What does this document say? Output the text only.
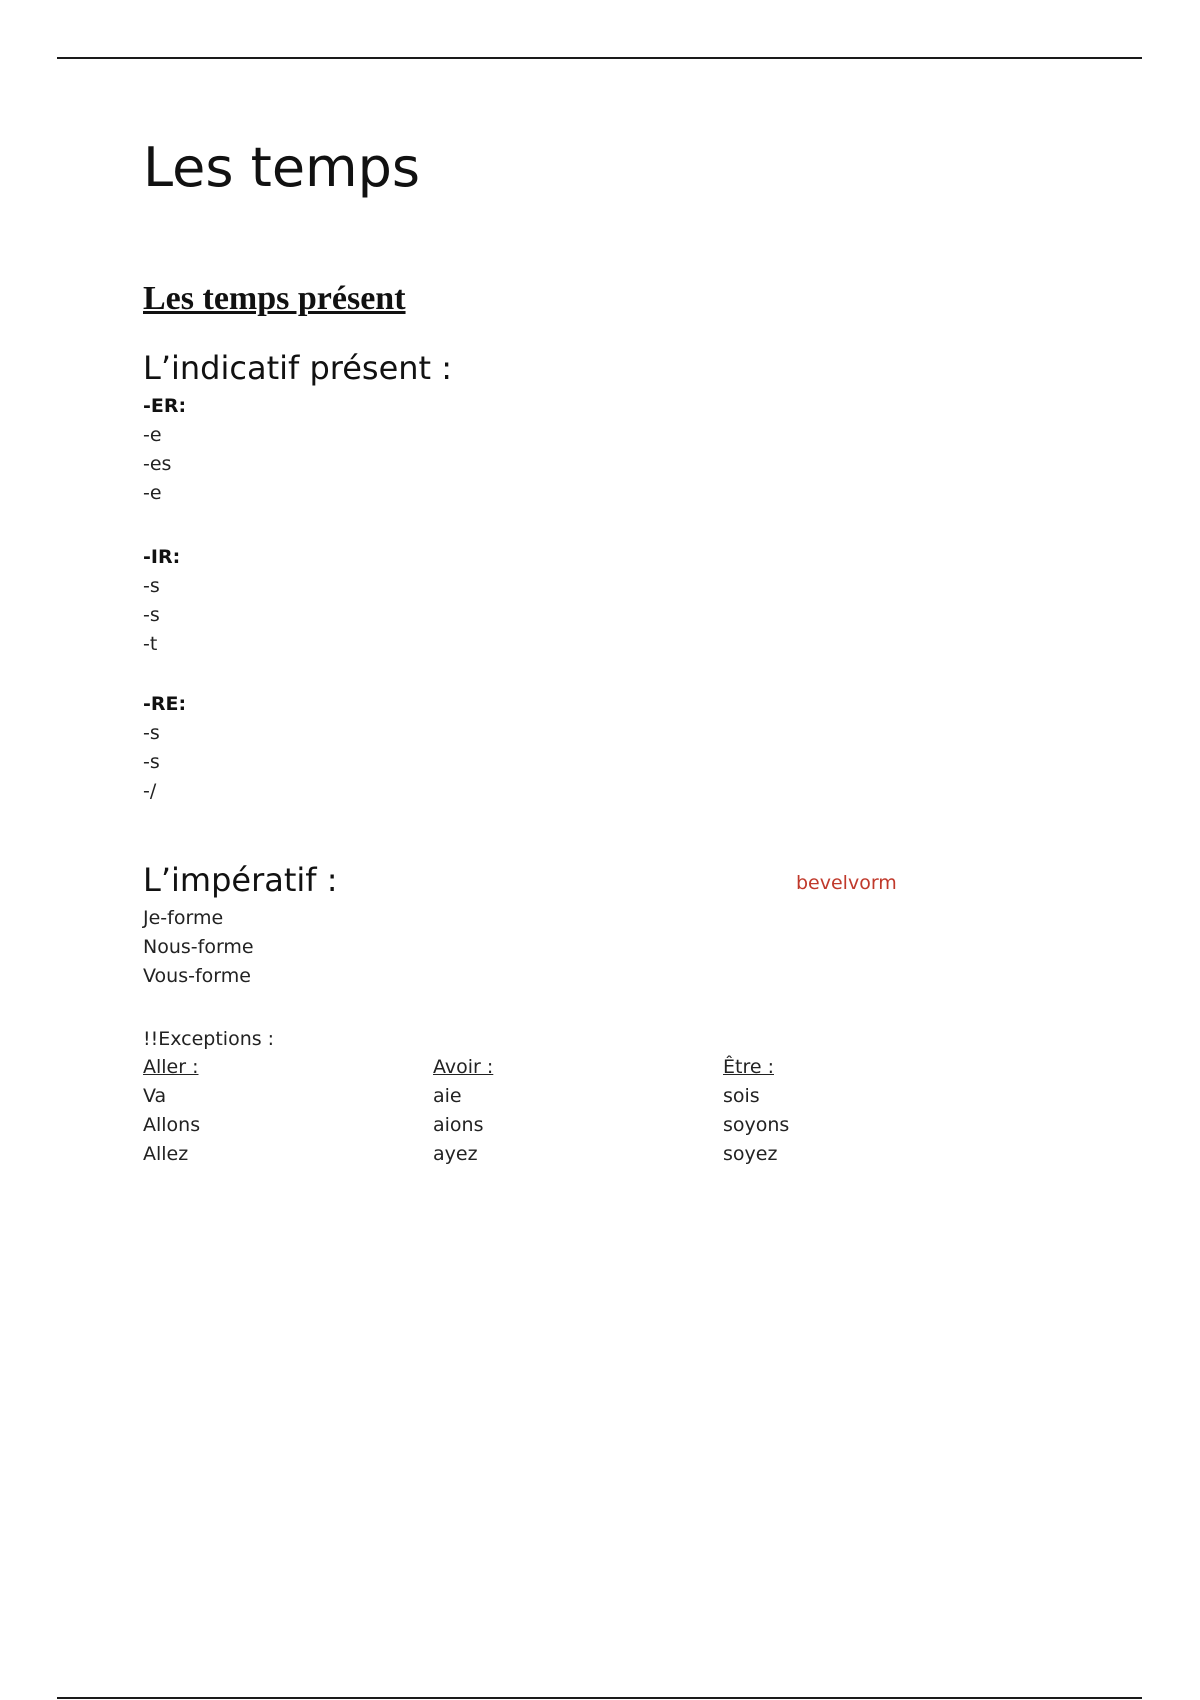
Les temps
Les temps présent
L’indicatif présent :
-ER:
-e
-es
-e
-IR:
-s
-s
-t
-RE:
-s
-s
-/
L’impératif :	bevelvorm
Je-forme
Nous-forme
Vous-forme
!!Exceptions :
Aller :
Va
Allons
Allez
Avoir :
aie
aions
ayez
Être :
sois
soyons
soyez
